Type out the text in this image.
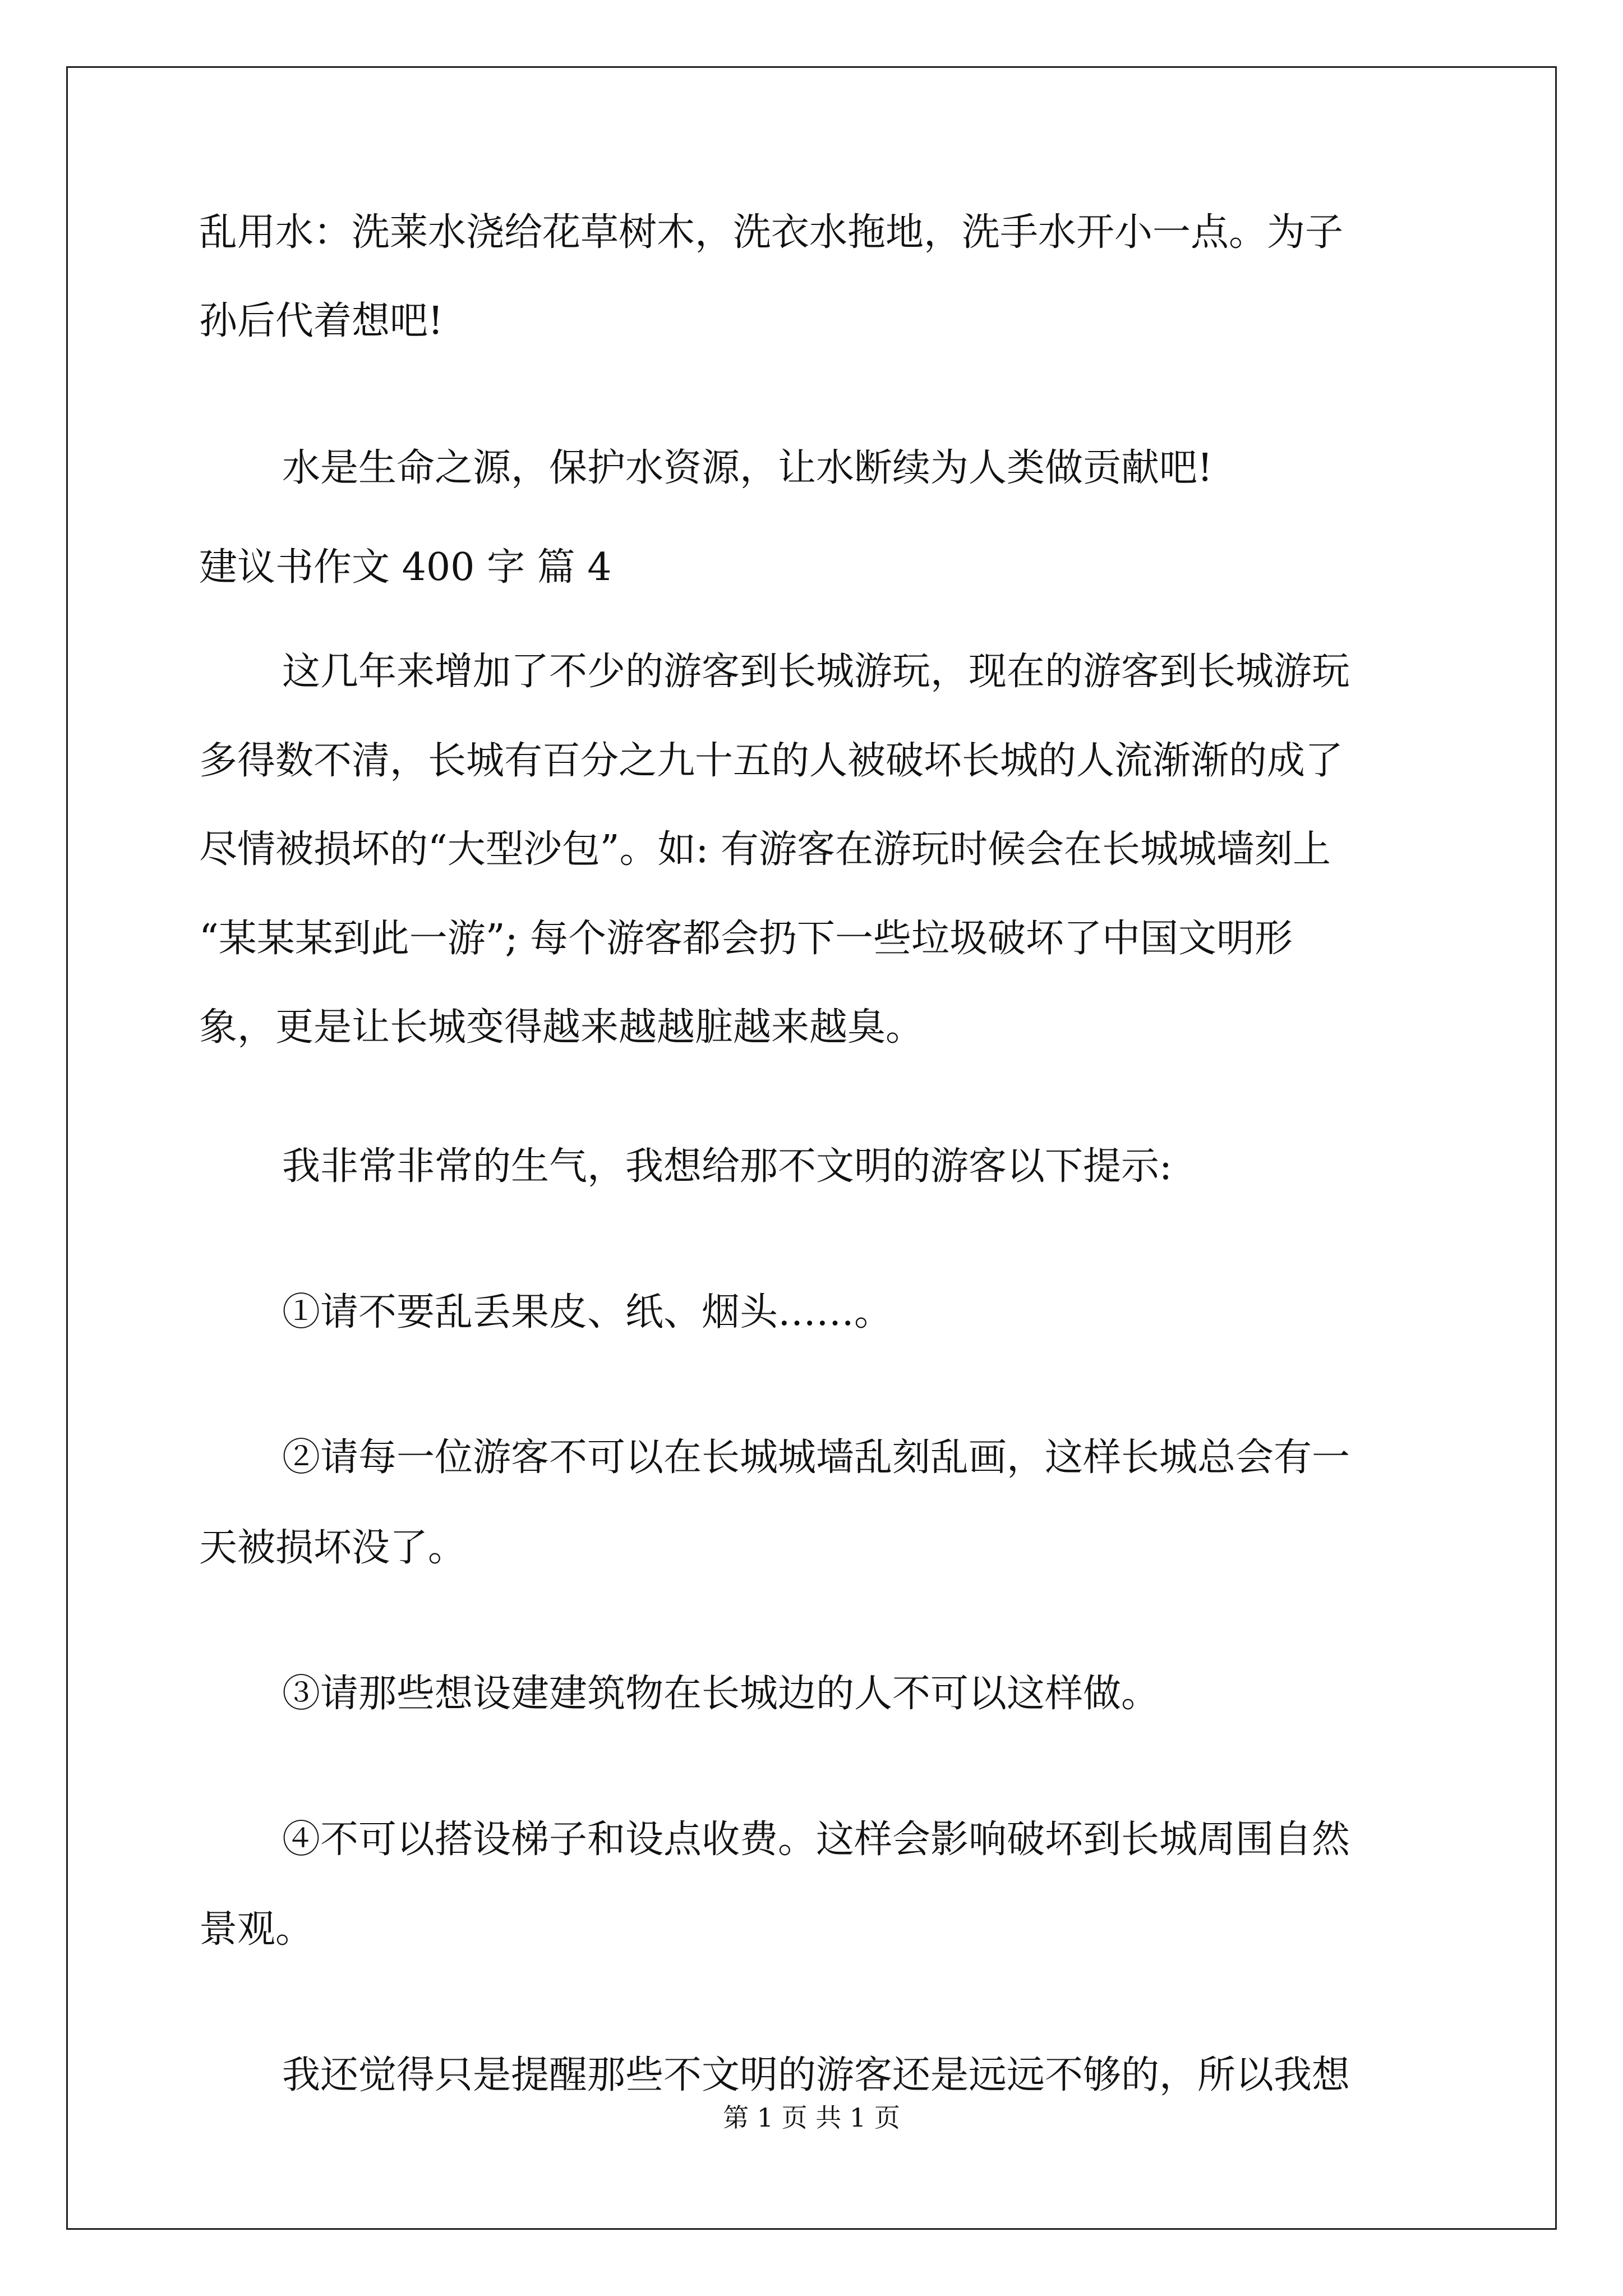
乱用水：洗莱水浇给花草树木，洗衣水拖地，洗手水开小一点。为子
孙后代着想吧!
水是生命之源，保护水资源，让水断续为人类做贡献吧!
建议书作文 400 字 篇 4
这几年来增加了不少的游客到长城游玩，现在的游客到长城游玩
多得数不清，长城有百分之九十五的人被破坏长城的人流渐渐的成了
尽情被损坏的“大型沙包”。如: 有游客在游玩时候会在长城城墙刻上
“某某某到此一游”; 每个游客都会扔下一些垃圾破坏了中国文明形
象，更是让长城变得越来越越脏越来越臭。
我非常非常的生气，我想给那不文明的游客以下提示:
①请不要乱丢果皮、纸、烟头……。
②请每一位游客不可以在长城城墙乱刻乱画，这样长城总会有一
天被损坏没了。
③请那些想设建建筑物在长城边的人不可以这样做。
④不可以搭设梯子和设点收费。这样会影响破坏到长城周围自然
景观。
我还觉得只是提醒那些不文明的游客还是远远不够的，所以我想
第 1 页 共 1 页
